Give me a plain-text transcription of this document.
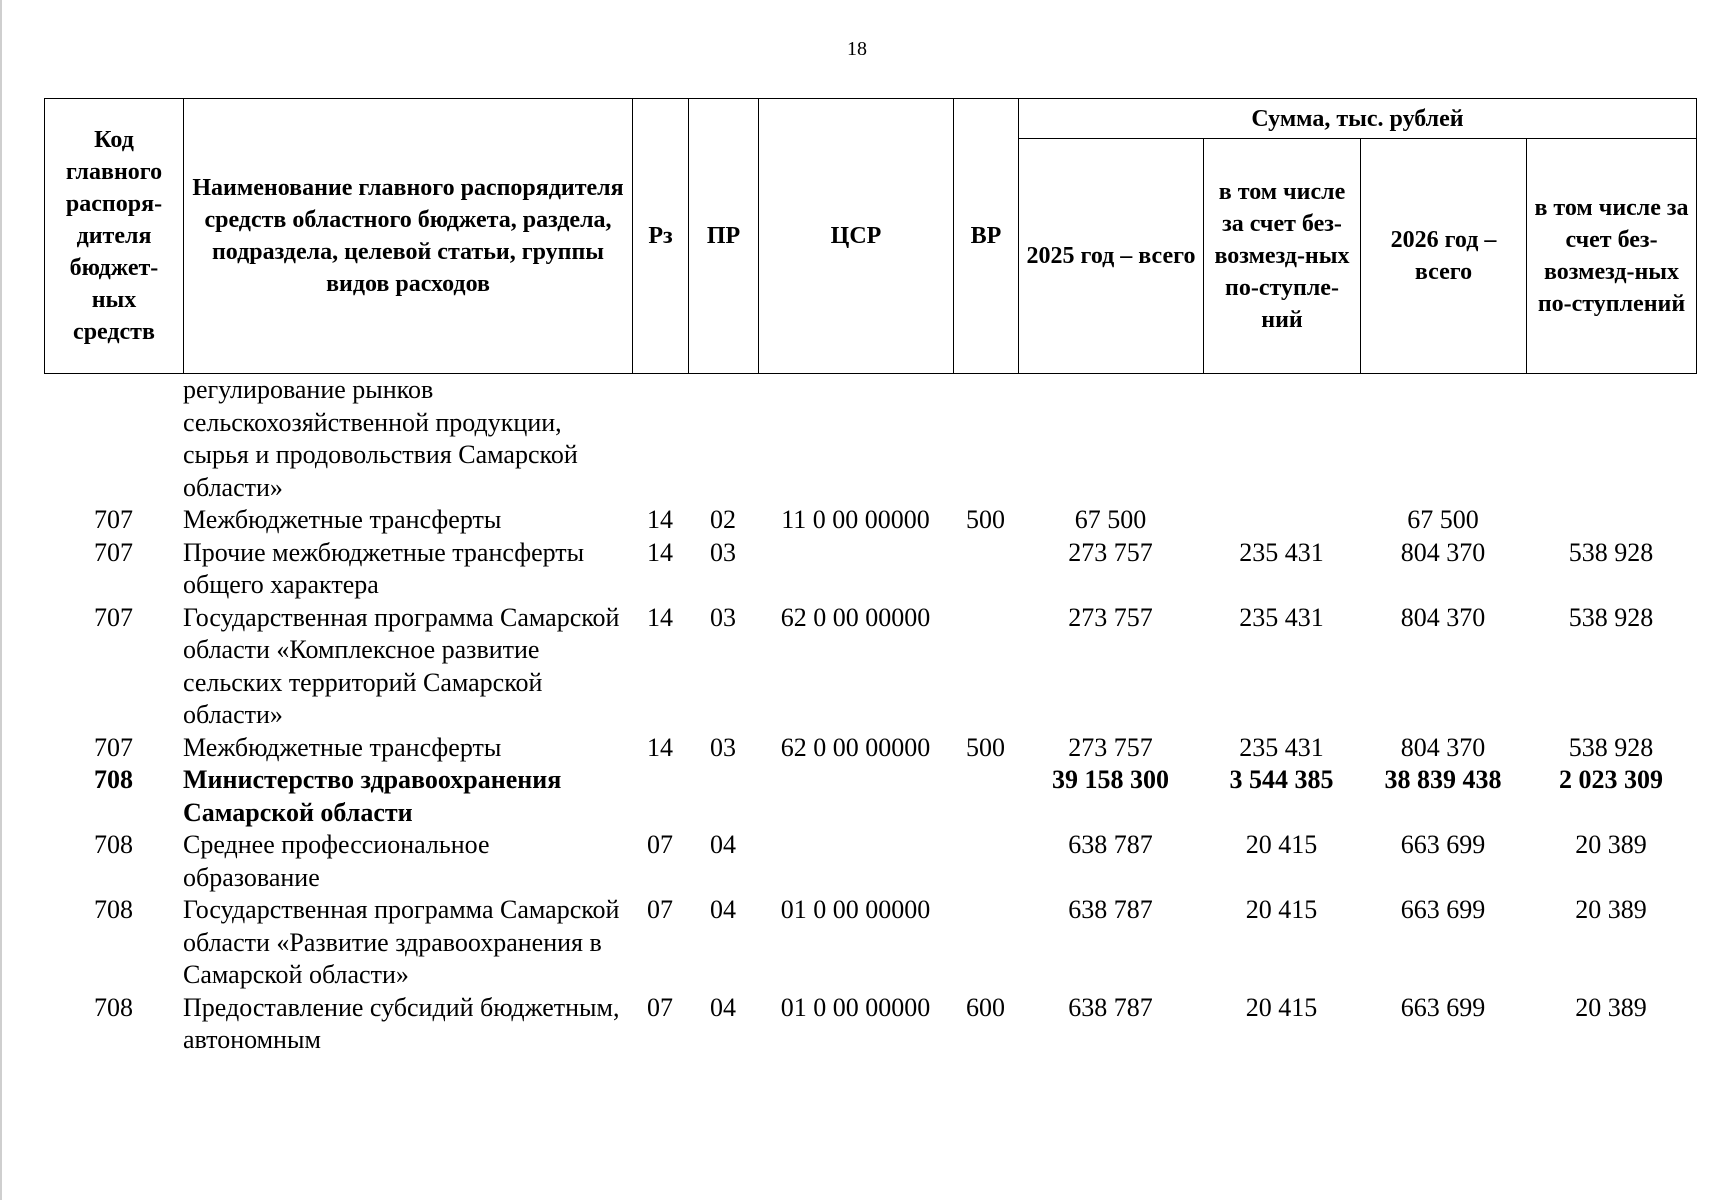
18
Код главного распоря-дителя бюджет-ных средств	Наименование главного распорядителя средств областного бюджета, раздела, подраздела, целевой статьи, группы видов расходов	Рз	ПР	ЦСР	ВР	Сумма, тыс. рублей			
						2025 год – всего	в том числе за счет без-возмезд-ных по-ступле-ний	2026 год – всего	в том числе за счет без-возмезд-ных по-ступлений
	регулирование рынков сельскохозяйственной продукции, сырья и продовольствия Самарской области»								
707	Межбюджетные трансферты	14	02	11 0 00 00000	500	67 500		67 500	
707	Прочие межбюджетные трансферты общего характера	14	03			273 757	235 431	804 370	538 928
707	Государственная программа Самарской области «Комплексное развитие сельских территорий Самарской области»	14	03	62 0 00 00000		273 757	235 431	804 370	538 928
707	Межбюджетные трансферты	14	03	62 0 00 00000	500	273 757	235 431	804 370	538 928
708	Министерство здравоохранения Самарской области					39 158 300	3 544 385	38 839 438	2 023 309
708	Среднее профессиональное образование	07	04			638 787	20 415	663 699	20 389
708	Государственная программа Самарской области «Развитие здравоохранения в Самарской области»	07	04	01 0 00 00000		638 787	20 415	663 699	20 389
708	Предоставление субсидий бюджетным, автономным	07	04	01 0 00 00000	600	638 787	20 415	663 699	20 389
